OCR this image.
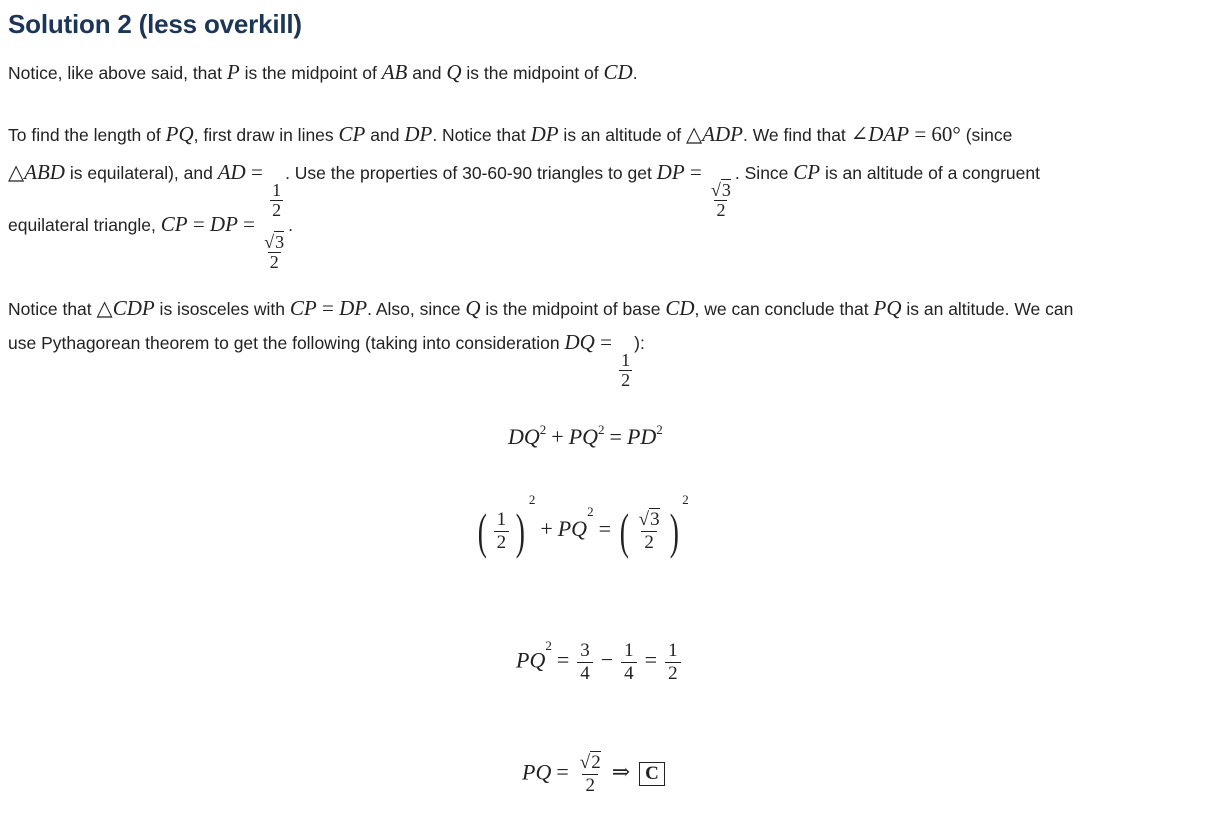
Solution 2 (less overkill)
Notice, like above said, that P is the midpoint of AB and Q is the midpoint of CD.
To find the length of PQ, first draw in lines CP and DP. Notice that DP is an altitude of △ADP. We find that ∠DAP = 60° (since
△ABD is equilateral), and AD =
$\frac{1}{2}$
. Use the properties of 30-60-90 triangles to get DP =
$\frac{√3}{2}$
. Since CP is an altitude of a congruent
equilateral triangle, CP = DP =
$\frac{√3}{2}$
.
Notice that △CDP is isosceles with CP = DP. Also, since Q is the midpoint of base CD, we can conclude that PQ is an altitude. We can
use Pythagorean theorem to get the following (taking into consideration DQ =
$\frac{1}{2}$
):
$DQ^2 + PQ^2 = PD^2$
( $\frac{1}{2} )^2+ PQ^2=$ ( $\frac{√3}{2} )^2$
$PQ^2= \frac{3}{4} - \frac{1}{4} = \frac{1}{2}$
PQ = $\frac{√2}{2}$ ⇒ C
